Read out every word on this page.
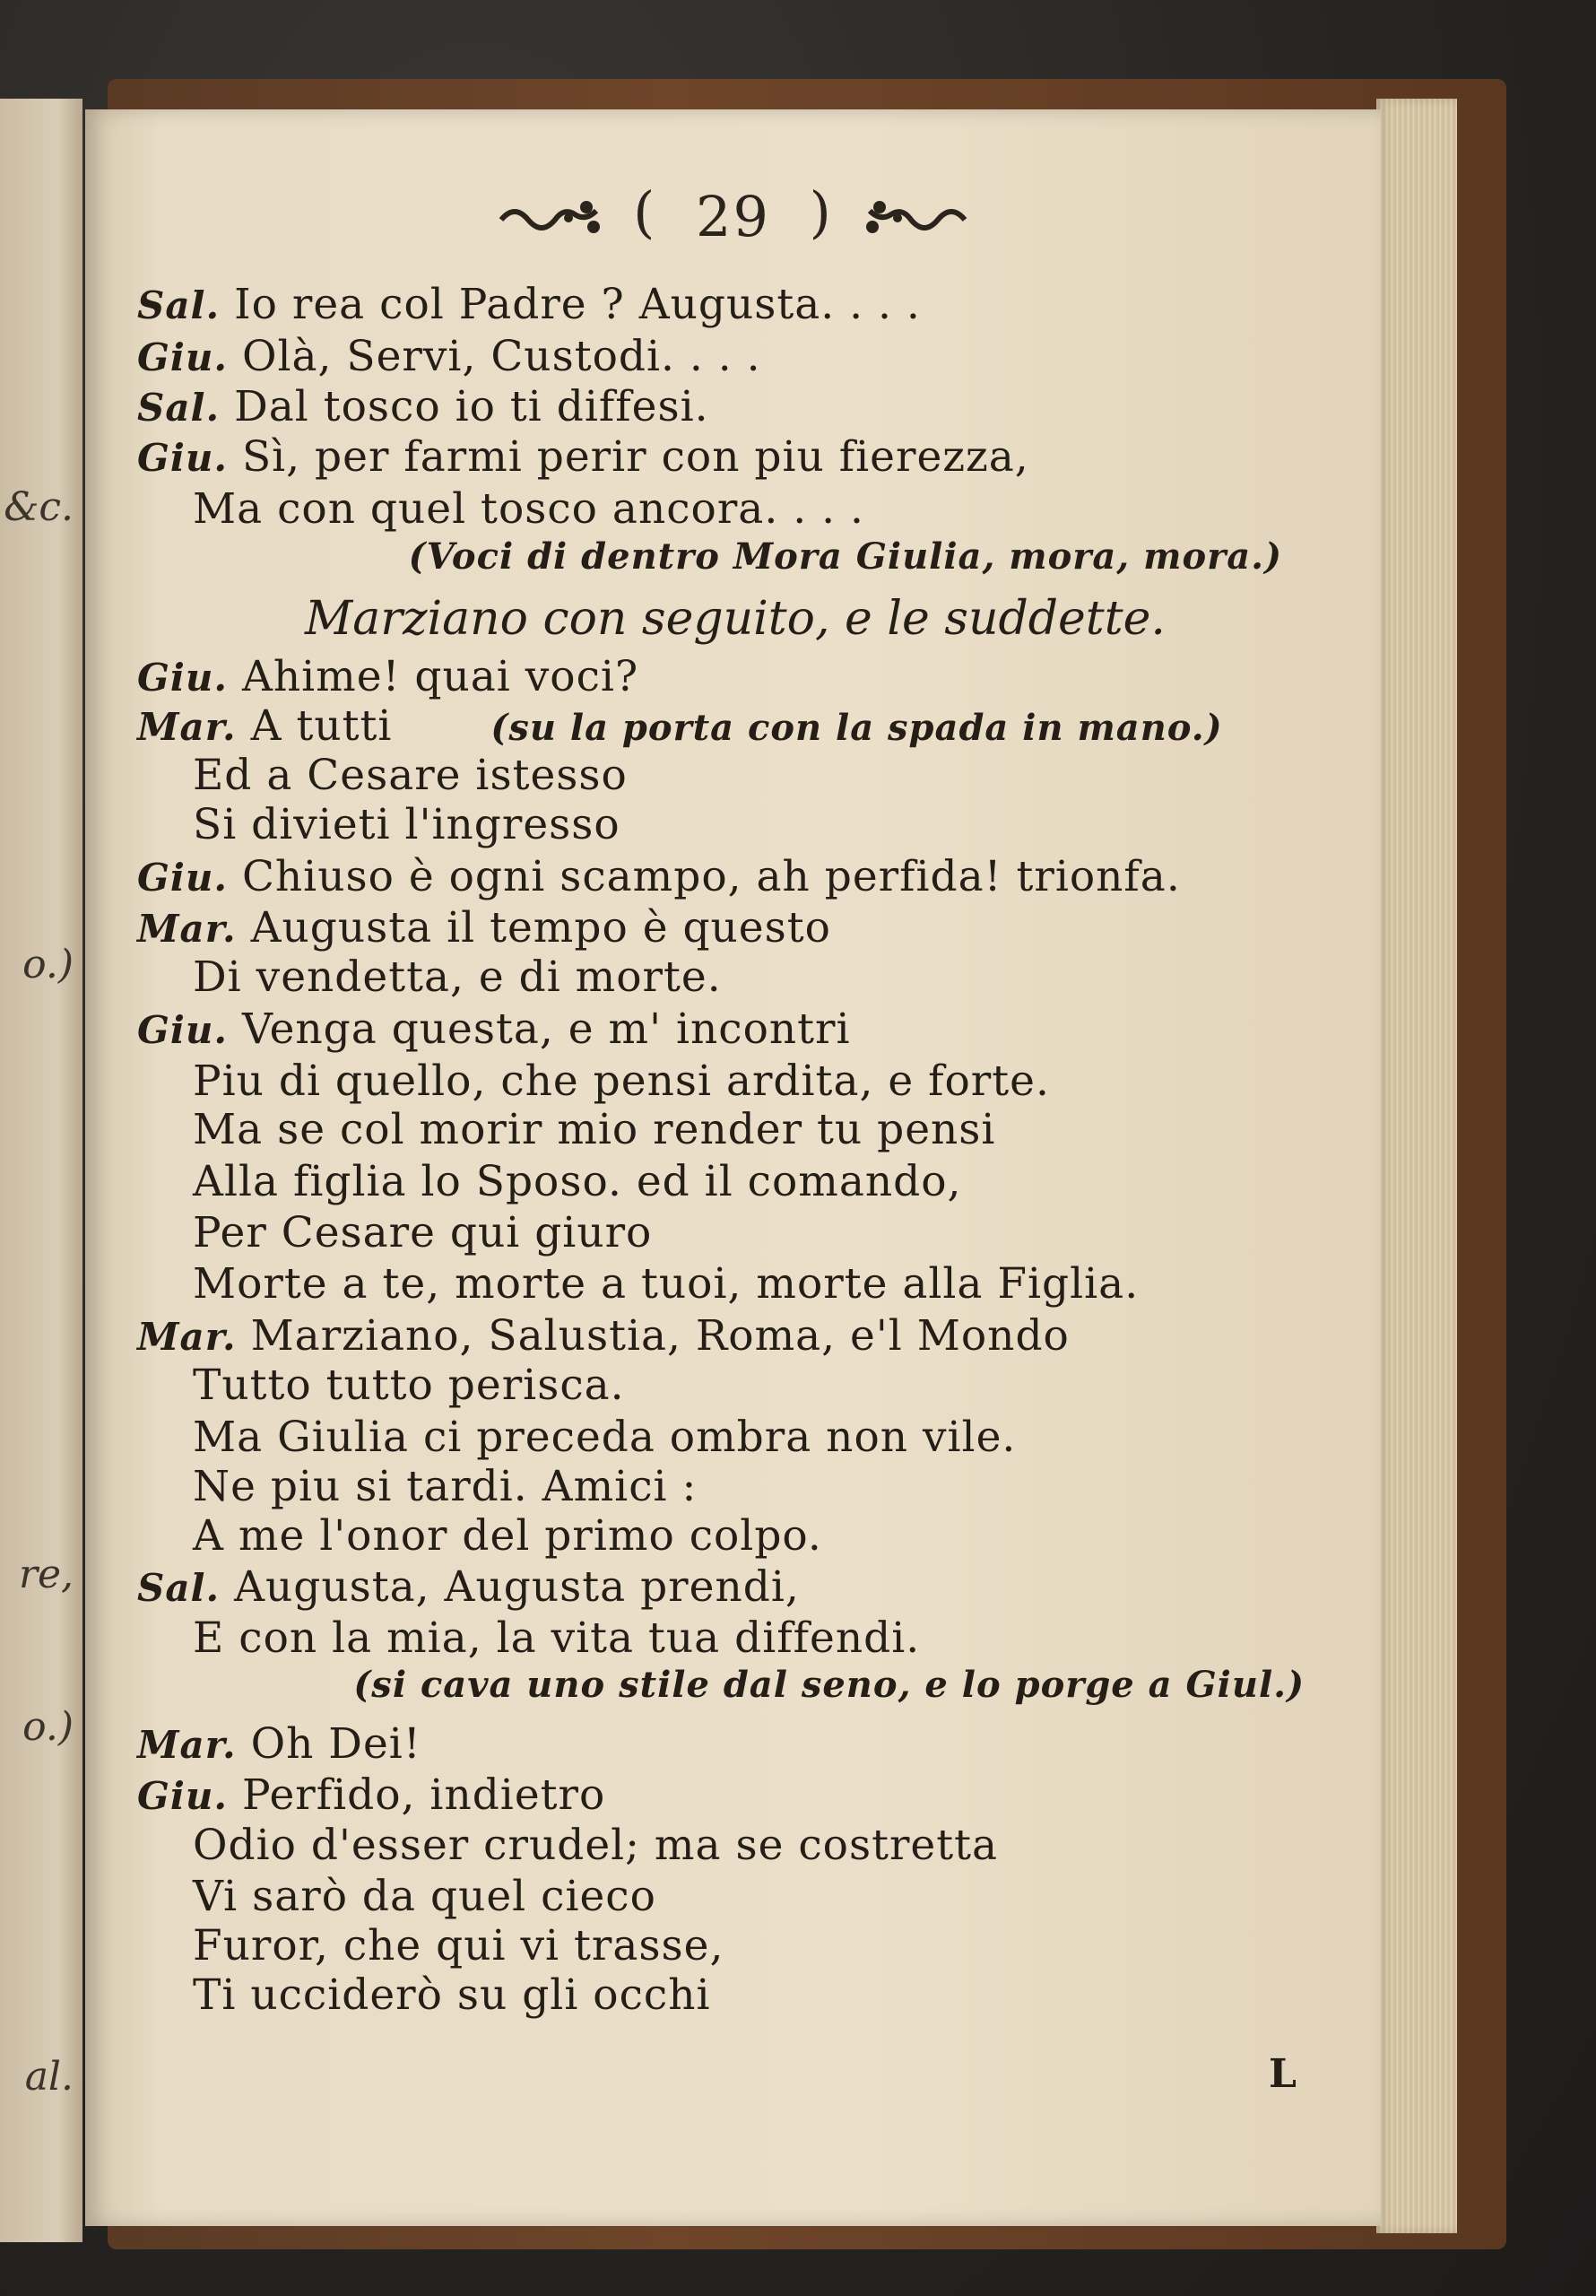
&c.
o.)
re,
o.)
al.
( 29 )
Sal. Io rea col Padre ? Augusta. . . .
Giu. Olà, Servi, Custodi. . . .
Sal. Dal tosco io ti diffesi.
Giu. Sì, per farmi perir con piu fierezza,
Ma con quel tosco ancora. . . .
(Voci di dentro Mora Giulia, mora, mora.)
Marziano con seguito, e le suddette.
Giu. Ahime! quai voci?
Mar. A tutti	(su la porta con la spada in mano.)
Ed a Cesare istesso
Si divieti l'ingresso
Giu. Chiuso è ogni scampo, ah perfida! trionfa.
Mar. Augusta il tempo è questo
Di vendetta, e di morte.
Giu. Venga questa, e m' incontri
Piu di quello, che pensi ardita, e forte.
Ma se col morir mio render tu pensi
Alla figlia lo Sposo. ed il comando,
Per Cesare qui giuro
Morte a te, morte a tuoi, morte alla Figlia.
Mar. Marziano, Salustia, Roma, e'l Mondo
Tutto tutto perisca.
Ma Giulia ci preceda ombra non vile.
Ne piu si tardi. Amici :
A me l'onor del primo colpo.
Sal. Augusta, Augusta prendi,
E con la mia, la vita tua diffendi.
(si cava uno stile dal seno, e lo porge a Giul.)
Mar. Oh Dei!
Giu. Perfido, indietro
Odio d'esser crudel; ma se costretta
Vi sarò da quel cieco
Furor, che qui vi trasse,
Ti ucciderò su gli occhi
L
